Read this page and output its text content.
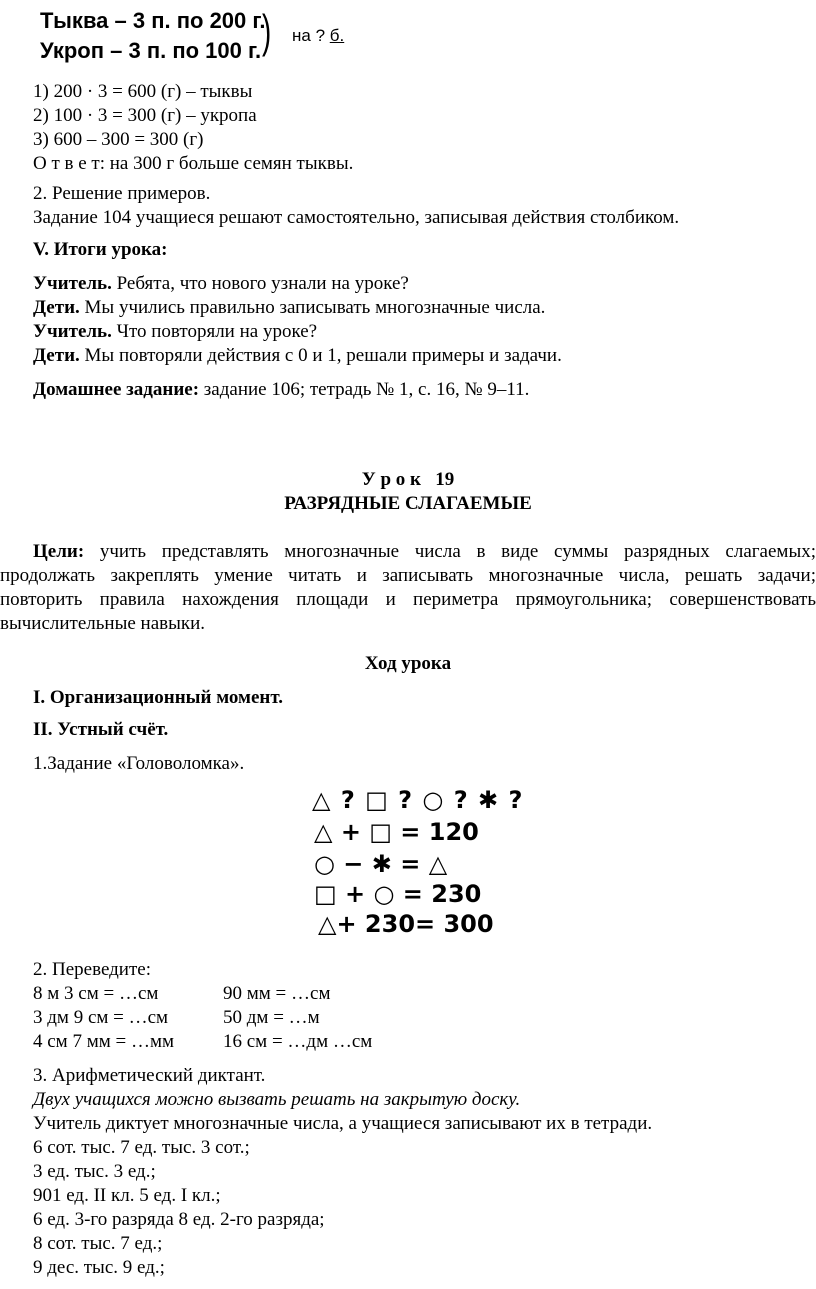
Тыква – 3 п. по 200 г.
Укроп – 3 п. по 100 г. ) на ? б.
1) 200 · 3 = 600 (г) – тыквы
2) 100 · 3 = 300 (г) – укропа
3) 600 – 300 = 300 (г)
О т в е т: на 300 г больше семян тыквы.
2. Решение примеров.
Задание 104 учащиеся решают самостоятельно, записывая действия столбиком.
V. Итоги урока:
Учитель. Ребята, что нового узнали на уроке?
Дети. Мы учились правильно записывать многозначные числа.
Учитель. Что повторяли на уроке?
Дети. Мы повторяли действия с 0 и 1, решали примеры и задачи.
Домашнее задание: задание 106; тетрадь № 1, с. 16, № 9–11.
У р о к   19
РАЗРЯДНЫЕ СЛАГАЕМЫЕ
Цели: учить представлять многозначные числа в виде суммы разрядных слагаемых;
продолжать закреплять умение читать и записывать многозначные числа, решать задачи;
повторить правила нахождения площади и периметра прямоугольника; совершенствовать
вычислительные навыки.
Ход урока
I. Организационный момент.
II. Устный счёт.
1.Задание «Головоломка».
△ ? □ ? ○ ? ✱ ?
△ + □ = 120
○ − ✱ = △
□ + ○ = 230
△+ 230= 300
2. Переведите:
8 м 3 см = …см	90 мм = …см
3 дм 9 см = …см	50 дм = …м
4 см 7 мм = …мм	16 см = …дм …см
3. Арифметический диктант.
Двух учащихся можно вызвать решать на закрытую доску.
Учитель диктует многозначные числа, а учащиеся записывают их в тетради.
6 сот. тыс. 7 ед. тыс. 3 сот.;
3 ед. тыс. 3 ед.;
901 ед. II кл. 5 ед. I кл.;
6 ед. 3-го разряда 8 ед. 2-го разряда;
8 сот. тыс. 7 ед.;
9 дес. тыс. 9 ед.;
